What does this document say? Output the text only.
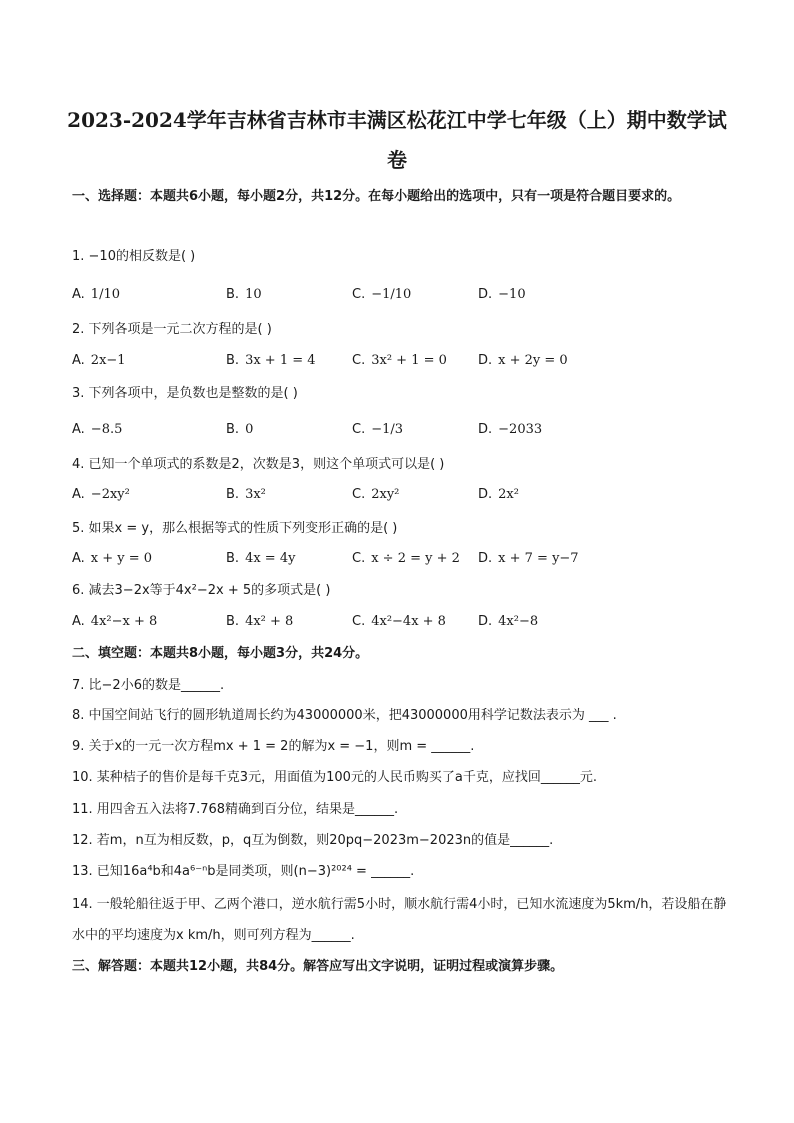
2023-2024学年吉林省吉林市丰满区松花江中学七年级（上）期中数学试卷
一、选择题：本题共6小题，每小题2分，共12分。在每小题给出的选项中，只有一项是符合题目要求的。
1. −10的相反数是( )
A. 1/10	B. 10	C. −1/10	D. −10
2. 下列各项是一元二次方程的是( )
A. 2x−1	B. 3x + 1 = 4	C. 3x² + 1 = 0 D. x + 2y = 0
3. 下列各项中，是负数也是整数的是( )
A. −8.5	B. 0	C. −1/3	D. −2033
4. 已知一个单项式的系数是2，次数是3，则这个单项式可以是( )
A. −2xy²	B. 3x²	C. 2xy²	D. 2x²
5. 如果x = y，那么根据等式的性质下列变形正确的是( )
A. x + y = 0	B. 4x = 4y	C. x ÷ 2 = y + 2 D. x + 7 = y−7
6. 减去3−2x等于4x²−2x + 5的多项式是( )
A. 4x²−x + 8	B. 4x² + 8	C. 4x²−4x + 8 D. 4x²−8
二、填空题：本题共8小题，每小题3分，共24分。
7. 比−2小6的数是______.
8. 中国空间站飞行的圆形轨道周长约为43000000米，把43000000用科学记数法表示为 ___ .
9. 关于x的一元一次方程mx + 1 = 2的解为x = −1，则m = ______.
10. 某种桔子的售价是每千克3元，用面值为100元的人民币购买了a千克，应找回______元.
11. 用四舍五入法将7.768精确到百分位，结果是______.
12. 若m，n互为相反数，p，q互为倒数，则20pq−2023m−2023n的值是______.
13. 已知16a⁴b和4a⁶⁻ⁿb是同类项，则(n−3)²⁰²⁴ = ______.
14. 一般轮船往返于甲、乙两个港口，逆水航行需5小时，顺水航行需4小时，已知水流速度为5km/h，若设船在静水中的平均速度为x km/h，则可列方程为______.
三、解答题：本题共12小题，共84分。解答应写出文字说明，证明过程或演算步骤。
